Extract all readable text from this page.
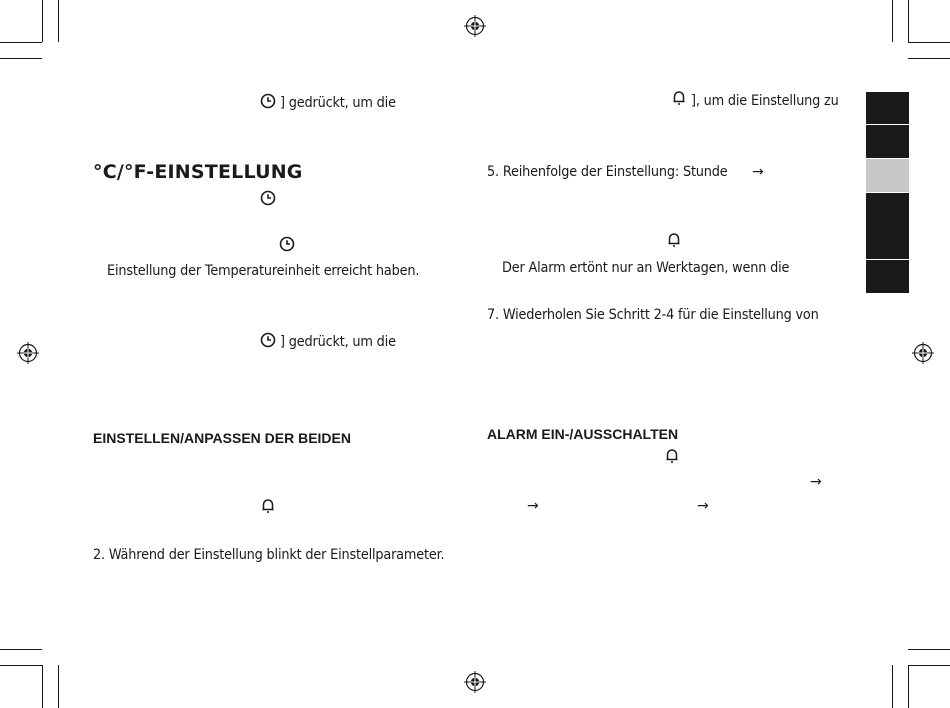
] gedrückt, um die
°C/°F-EINSTELLUNG
Einstellung der Temperatureinheit erreicht haben.
] gedrückt, um die
EINSTELLEN/ANPASSEN DER BEIDEN
2. Während der Einstellung blinkt der Einstellparameter.
], um die Einstellung zu
5. Reihenfolge der Einstellung: Stunde →
Der Alarm ertönt nur an Werktagen, wenn die
7. Wiederholen Sie Schritt 2-4 für die Einstellung von
ALARM EIN-/AUSSCHALTEN
→
→	→
